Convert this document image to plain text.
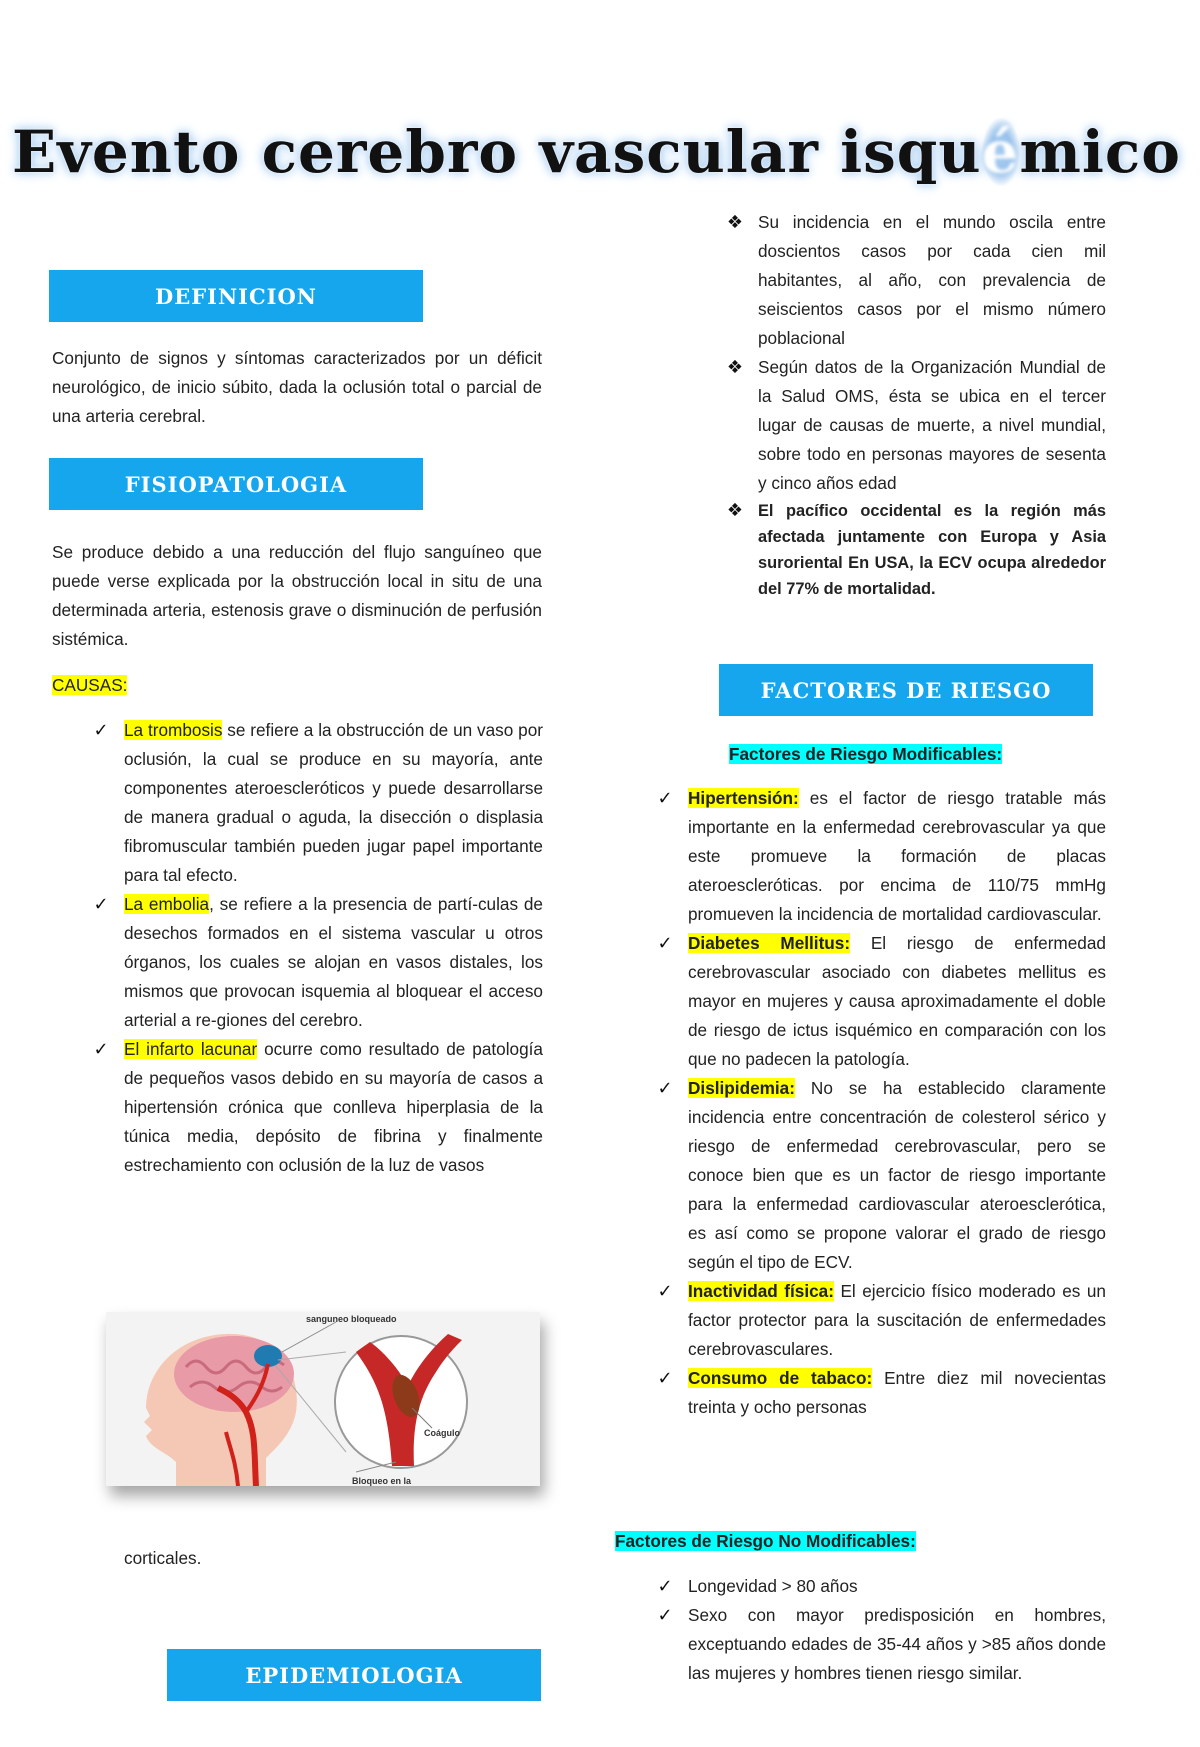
Evento cerebro vascular isquémico
DEFINICION

Conjunto de signos y síntomas caracterizados por un déficit neurológico, de inicio súbito, dada la oclusión total o parcial de una arteria cerebral.

FISIOPATOLOGIA

Se produce debido a una reducción del flujo sanguíneo que puede verse explicada por la obstrucción local in situ de una determinada arteria, estenosis grave o disminución de perfusión sistémica.

CAUSAS:
✓ La trombosis se refiere a la obstrucción de un vaso por oclusión, la cual se produce en su mayoría, ante componentes ateroescleróticos y puede desarrollarse de manera gradual o aguda, la disección o displasia fibromuscular también pueden jugar papel importante para tal efecto.
✓ La embolia, se refiere a la presencia de partí-culas de desechos formados en el sistema vascular u otros órganos, los cuales se alojan en vasos distales, los mismos que provocan isquemia al bloquear el acceso arterial a re-giones del cerebro.
✓ El infarto lacunar ocurre como resultado de patología de pequeños vasos debido en su mayoría de casos a hipertensión crónica que conlleva hiperplasia de la túnica media, depósito de fibrina y finalmente estrechamiento con oclusión de la luz de vasos
sanguneo bloqueado
Coágulo
Bloqueo en la
corticales.
EPIDEMIOLOGIA
❖ Su incidencia en el mundo oscila entre doscientos casos por cada cien mil habitantes, al año, con prevalencia de seiscientos casos por el mismo número poblacional
❖ Según datos de la Organización Mundial de la Salud OMS, ésta se ubica en el tercer lugar de causas de muerte, a nivel mundial, sobre todo en personas mayores de sesenta y cinco años edad
❖ El pacífico occidental es la región más afectada juntamente con Europa y Asia suroriental En USA, la ECV ocupa alrededor del 77% de mortalidad.
FACTORES DE RIESGO
Factores de Riesgo Modificables:
✓ Hipertensión: es el factor de riesgo tratable más importante en la enfermedad cerebrovascular ya que este promueve la formación de placas ateroescleróticas. por encima de 110/75 mmHg promueven la incidencia de mortalidad cardiovascular.
✓ Diabetes Mellitus: El riesgo de enfermedad cerebrovascular asociado con diabetes mellitus es mayor en mujeres y causa aproximadamente el doble de riesgo de ictus isquémico en comparación con los que no padecen la patología.
✓ Dislipidemia: No se ha establecido claramente incidencia entre concentración de colesterol sérico y riesgo de enfermedad cerebrovascular, pero se conoce bien que es un factor de riesgo importante para la enfermedad cardiovascular ateroesclerótica, es así como se propone valorar el grado de riesgo según el tipo de ECV.
✓ Inactividad física: El ejercicio físico moderado es un factor protector para la suscitación de enfermedades cerebrovasculares.
✓ Consumo de tabaco: Entre diez mil novecientas treinta y ocho personas
Factores de Riesgo No Modificables:
✓ Longevidad > 80 años
✓ Sexo con mayor predisposición en hombres, exceptuando edades de 35-44 años y >85 años donde las mujeres y hombres tienen riesgo similar.
